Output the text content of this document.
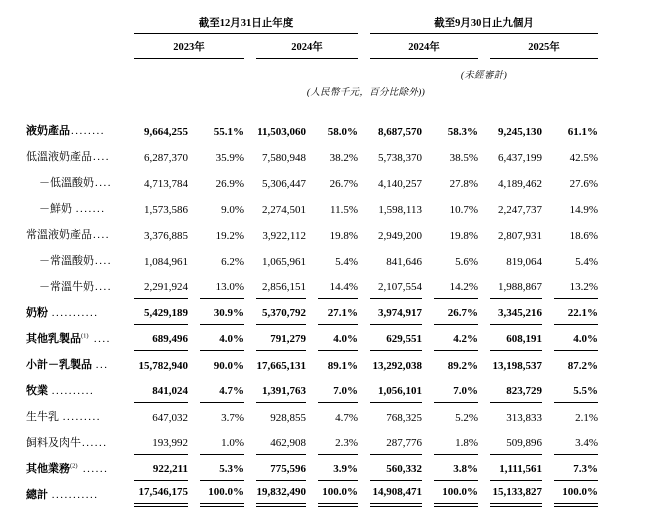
	截至12月31日止年度				截至9月30日止九個月			
	2023年		2024年		2024年		2025年	
					(未經審計)			
	(人民幣千元，百分比除外))							
液奶產品........	9,664,255	55.1%	11,503,060	58.0%	8,687,570	58.3%	9,245,130	61.1%
低溫液奶產品....	6,287,370	35.9%	7,580,948	38.2%	5,738,370	38.5%	6,437,199	42.5%
－低溫酸奶....	4,713,784	26.9%	5,306,447	26.7%	4,140,257	27.8%	4,189,462	27.6%
－鮮奶 .......	1,573,586	9.0%	2,274,501	11.5%	1,598,113	10.7%	2,247,737	14.9%
常溫液奶產品....	3,376,885	19.2%	3,922,112	19.8%	2,949,200	19.8%	2,807,931	18.6%
－常溫酸奶....	1,084,961	6.2%	1,065,961	5.4%	841,646	5.6%	819,064	5.4%
－常溫牛奶....	2,291,924	13.0%	2,856,151	14.4%	2,107,554	14.2%	1,988,867	13.2%
奶粉 ...........	5,429,189	30.9%	5,370,792	27.1%	3,974,917	26.7%	3,345,216	22.1%
其他乳製品$^{(1)}$ ....	689,496	4.0%	791,279	4.0%	629,551	4.2%	608,191	4.0%
小計－乳製品 ...	15,782,940	90.0%	17,665,131	89.1%	13,292,038	89.2%	13,198,537	87.2%
牧業 ..........	841,024	4.7%	1,391,763	7.0%	1,056,101	7.0%	823,729	5.5%
生牛乳 .........	647,032	3.7%	928,855	4.7%	768,325	5.2%	313,833	2.1%
飼料及肉牛......	193,992	1.0%	462,908	2.3%	287,776	1.8%	509,896	3.4%
其他業務$^{(2)}$ ......	922,211	5.3%	775,596	3.9%	560,332	3.8%	1,111,561	7.3%
總計 ...........	17,546,175	100.0%	19,832,490	100.0%	14,908,471	100.0%	15,133,827	100.0%
